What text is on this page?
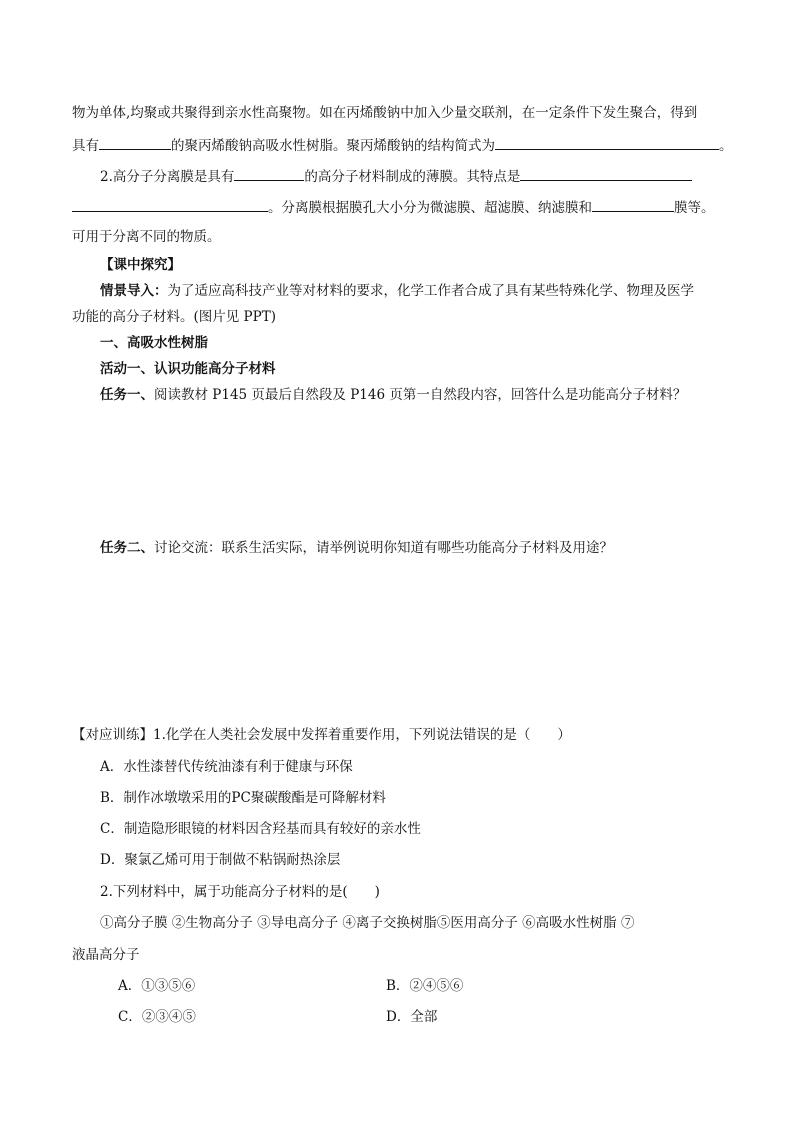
物为单体,均聚或共聚得到亲水性高聚物。如在丙烯酸钠中加入少量交联剂，在一定条件下发生聚合，得到
具有	的聚丙烯酸钠高吸水性树脂。聚丙烯酸钠的结构简式为	。
2.高分子分离膜是具有	的高分子材料制成的薄膜。其特点是
。分离膜根据膜孔大小分为微滤膜、超滤膜、纳滤膜和	膜等。
可用于分离不同的物质。
【课中探究】
情景导入：为了适应高科技产业等对材料的要求，化学工作者合成了具有某些特殊化学、物理及医学
功能的高分子材料。(图片见 PPT)
一、高吸水性树脂
活动一、认识功能高分子材料
任务一、阅读教材 P145 页最后自然段及 P146 页第一自然段内容，回答什么是功能高分子材料？
任务二、讨论交流：联系生活实际，请举例说明你知道有哪些功能高分子材料及用途？
【对应训练】1.化学在人类社会发展中发挥着重要作用，下列说法错误的是（　　）
A．水性漆替代传统油漆有利于健康与环保
B．制作冰墩墩采用的PC聚碳酸酯是可降解材料
C．制造隐形眼镜的材料因含羟基而具有较好的亲水性
D．聚氯乙烯可用于制做不粘锅耐热涂层
2.下列材料中，属于功能高分子材料的是(　　)
①高分子膜 ②生物高分子 ③导电高分子 ④离子交换树脂⑤医用高分子 ⑥高吸水性树脂 ⑦
液晶高分子
A．①③⑤⑥	B．②④⑤⑥
C．②③④⑤	D．全部
